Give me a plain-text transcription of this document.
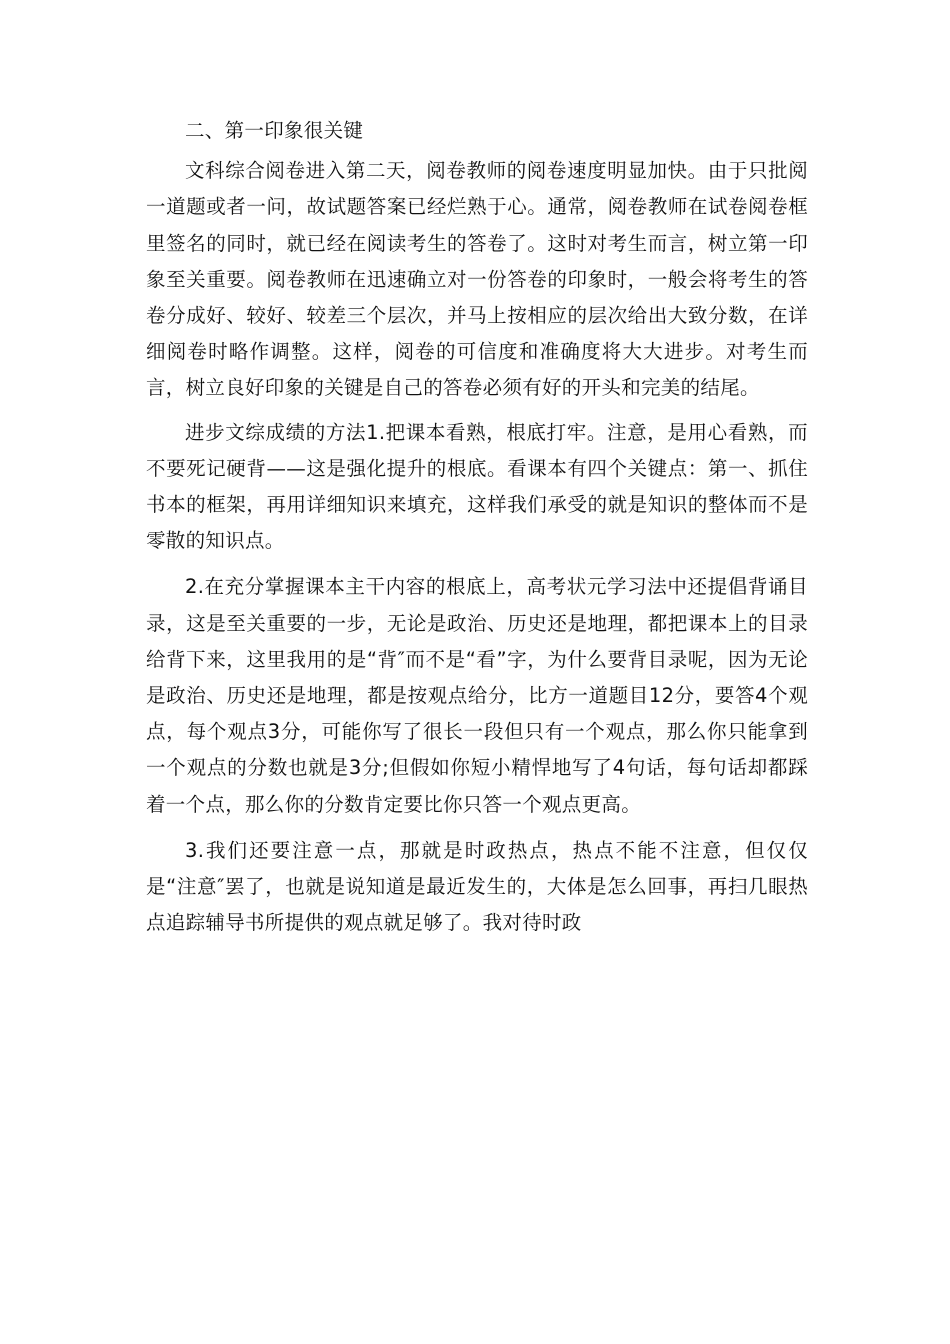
二、第一印象很关键

文科综合阅卷进入第二天，阅卷教师的阅卷速度明显加快。由于只批阅一道题或者一问，故试题答案已经烂熟于心。通常，阅卷教师在试卷阅卷框里签名的同时，就已经在阅读考生的答卷了。这时对考生而言，树立第一印象至关重要。阅卷教师在迅速确立对一份答卷的印象时，一般会将考生的答卷分成好、较好、较差三个层次，并马上按相应的层次给出大致分数，在详细阅卷时略作调整。这样，阅卷的可信度和准确度将大大进步。对考生而言，树立良好印象的关键是自己的答卷必须有好的开头和完美的结尾。

进步文综成绩的方法1.把课本看熟，根底打牢。注意，是用心看熟，而不要死记硬背——这是强化提升的根底。看课本有四个关键点：第一、抓住书本的框架，再用详细知识来填充，这样我们承受的就是知识的整体而不是零散的知识点。

2.在充分掌握课本主干内容的根底上，高考状元学习法中还提倡背诵目录，这是至关重要的一步，无论是政治、历史还是地理，都把课本上的目录给背下来，这里我用的是“背″而不是“看”字，为什么要背目录呢，因为无论是政治、历史还是地理，都是按观点给分，比方一道题目12分，要答4个观点，每个观点3分，可能你写了很长一段但只有一个观点，那么你只能拿到一个观点的分数也就是3分;但假如你短小精悍地写了4句话，每句话却都踩着一个点，那么你的分数肯定要比你只答一个观点更高。

3.我们还要注意一点，那就是时政热点，热点不能不注意，但仅仅是“注意″罢了，也就是说知道是最近发生的，大体是怎么回事，再扫几眼热点追踪辅导书所提供的观点就足够了。我对待时政
